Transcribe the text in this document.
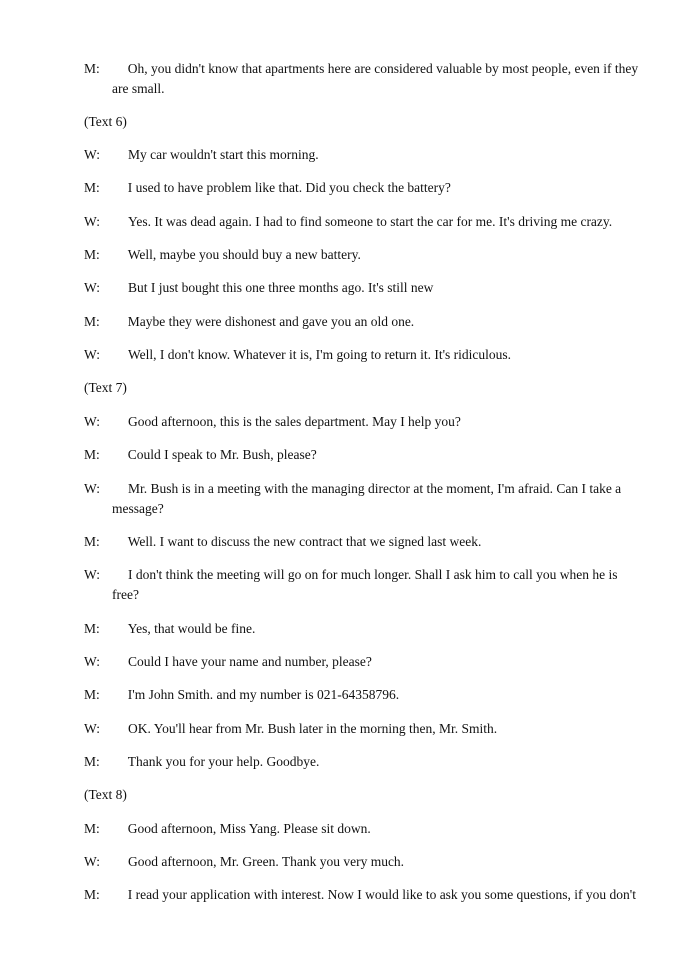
M: Oh, you didn't know that apartments here are considered valuable by most people, even if they
are small.
(Text 6)
W: My car wouldn't start this morning.
M: I used to have problem like that. Did you check the battery?
W: Yes. It was dead again. I had to find someone to start the car for me. It's driving me crazy.
M: Well, maybe you should buy a new battery.
W: But I just bought this one three months ago. It's still new
M: Maybe they were dishonest and gave you an old one.
W: Well, I don't know. Whatever it is, I'm going to return it. It's ridiculous.
(Text 7)
W: Good afternoon, this is the sales department. May I help you?
M: Could I speak to Mr. Bush, please?
W: Mr. Bush is in a meeting with the managing director at the moment, I'm afraid. Can I take a
message?
M: Well. I want to discuss the new contract that we signed last week.
W: I don't think the meeting will go on for much longer. Shall I ask him to call you when he is
free?
M: Yes, that would be fine.
W: Could I have your name and number, please?
M: I'm John Smith. and my number is 021-64358796.
W: OK. You'll hear from Mr. Bush later in the morning then, Mr. Smith.
M: Thank you for your help. Goodbye.
(Text 8)
M: Good afternoon, Miss Yang. Please sit down.
W: Good afternoon, Mr. Green. Thank you very much.
M: I read your application with interest. Now I would like to ask you some questions, if you don't
